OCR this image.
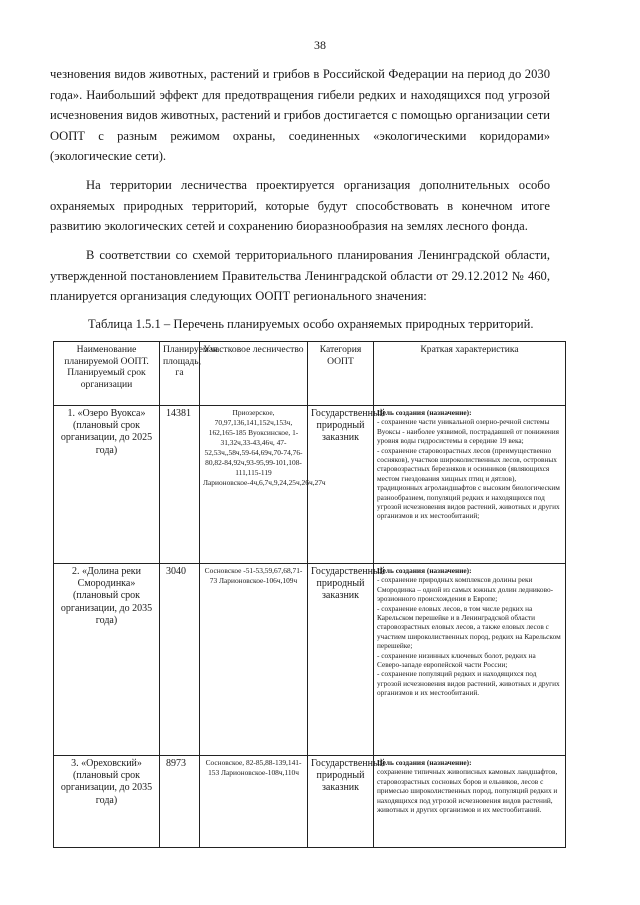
38

чезновения видов животных, растений и грибов в Российской Федерации на период до 2030 года». Наибольший эффект для предотвращения гибели редких и находящихся под угрозой исчезновения видов животных, растений и грибов достигается с помощью организации сети ООПТ с разным режимом охраны, соединенных «экологическими коридорами» (экологические сети).

На территории лесничества проектируется организация дополнительных особо охраняемых природных территорий, которые будут способствовать в конечном итоге развитию экологических сетей и сохранению биоразнообразия на землях лесного фонда.

В соответствии со схемой территориального планирования Ленинградской области, утвержденной постановлением Правительства Ленинградской области от 29.12.2012 № 460, планируется организация следующих ООПТ регионального значения:

Таблица 1.5.1 – Перечень планируемых особо охраняемых природных территорий.

Наименование планируемой ООПТ. Планируемый срок организации	Планируемая площадь, га	Участковое лесничество	Категория ООПТ	Краткая характеристика
1. «Озеро Вуокса» (плановый срок организации, до 2025 года)	14381	Приозерское, 70,97,136,141,152ч,153ч, 162,165-185 Вуоксинское, 1-31,32ч,33-43,46ч, 47-52,53ч,,58ч,59-64,69ч,70-74,76-80,82-84,92ч,93-95,99-101,108-111,115-119 Ларионовское-4ч,6,7ч,9,24,25ч,26ч,27ч	Государственный природный заказник	Цель создания (назначение):
- сохранение части уникальной озерно-речной системы Вуоксы - наиболее уязвимой, пострадавшей от понижения уровня воды гидросистемы в середине 19 века;
- сохранение старовозрастных лесов (преимущественно сосняков), участков широколиственных лесов, островных старовозрастных березняков и осинников (являющихся местом гнездования хищных птиц и дятлов), традиционных агроландшафтов с высоким биологическим разнообразием, популяций редких и находящихся под угрозой исчезновения видов растений, животных и других организмов и их местообитаний;

2. «Долина реки Смородинка» (плановый срок организации, до 2035 года)	3040	Сосновское -51-53,59,67,68,71-73 Ларионовское-106ч,109ч	Государственный природный заказник	Цель создания (назначение):
- сохранение природных комплексов долины реки Смородинка – одной из самых южных долин ледниково-эрозионного происхождения в Европе;
- сохранение еловых лесов, в том числе редких на Карельском перешейке и в Ленинградской области старовозрастных еловых лесов, а также еловых лесов с участием широколиственных пород, редких на Карельском перешейке;
- сохранение низинных ключевых болот, редких на Северо-западе европейской части России;
- сохранение популяций редких и находящихся под угрозой исчезновения видов растений, животных и других организмов и их местообитаний.

3. «Ореховский» (плановый срок организации, до 2035 года)	8973	Сосновское, 82-85,88-139,141-153 Ларионовское-108ч,110ч	Государственный природный заказник	Цель создания (назначение):
сохранение типичных живописных камовых ландшафтов, старовозрастных сосновых боров и ельников, лесов с примесью широколиственных пород, популяций редких и находящихся под угрозой исчезновения видов растений, животных и других организмов и их местообитаний.
